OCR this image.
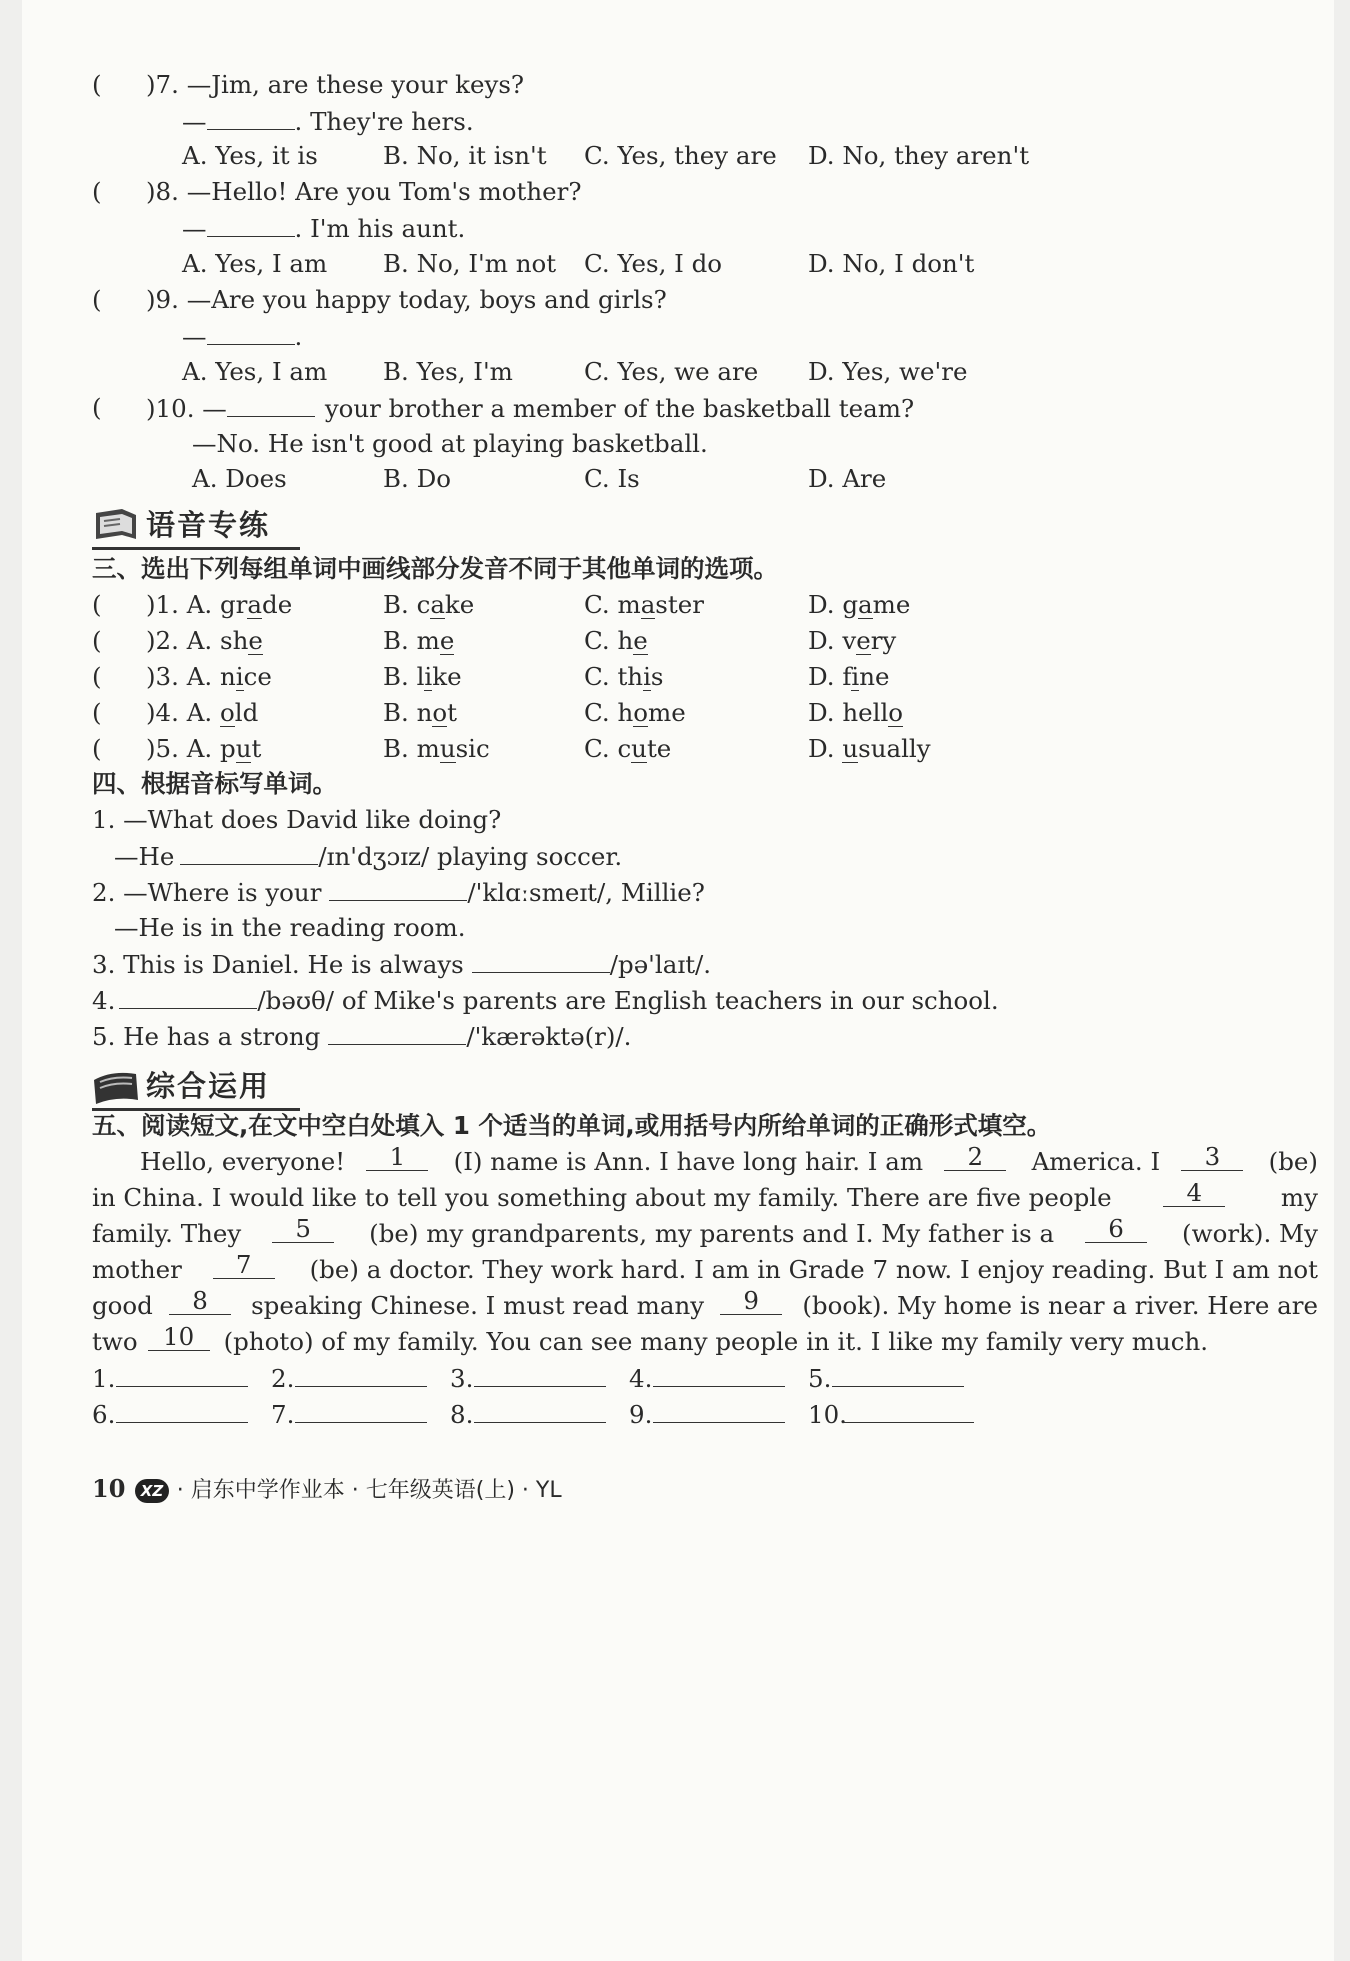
( )7. —Jim, are these your keys?
—	. They're hers.
A. Yes, it is	B. No, it isn't C. Yes, they are D. No, they aren't
( )8. —Hello! Are you Tom's mother?
—	. I'm his aunt.
A. Yes, I am B. No, I'm not C. Yes, I do	D. No, I don't
( )9. —Are you happy today, boys and girls?
—	.
A. Yes, I am B. Yes, I'm	C. Yes, we are D. Yes, we're
( )10. —	your brother a member of the basketball team?
—No. He isn't good at playing basketball.
A. Does	B. Do	C. Is	D. Are
语音专练
三、选出下列每组单词中画线部分发音不同于其他单词的选项。
( )1. A. grade	B. cake	C. master	D. game
( )2. A. she	B. me	C. he	D. very
( )3. A. nice	B. like	C. this	D. fine
( )4. A. old	B. not	C. home	D. hello
( )5. A. put	B. music	C. cute	D. usually
四、根据音标写单词。
1. —What does David like doing?
—He	/ɪn'dʒɔɪz/ playing soccer.
2. —Where is your	/'klɑːsmeɪt/, Millie?
—He is in the reading room.
3. This is Daniel. He is always	/pə'laɪt/.
4.	/bəʊθ/ of Mike's parents are English teachers in our school.
5. He has a strong	/'kærəktə(r)/.
综合运用
五、阅读短文,在文中空白处填入 1 个适当的单词,或用括号内所给单词的正确形式填空。
Hello, everyone!	1	(I) name is Ann. I have long hair. I am	2	America. I	3	(be)
in China. I would like to tell you something about my family. There are five people	4	my
family. They	5	(be) my grandparents, my parents and I. My father is a	6	(work). My
mother	7	(be) a doctor. They work hard. I am in Grade 7 now. I enjoy reading. But I am not
good	8	speaking Chinese. I must read many	9	(book). My home is near a river. Here are
two	10	(photo) of my family. You can see many people in it. I like my family very much.
1.	2.	3.	4.	5.
6.	7.	8.	9.	10.
10	XZ · 启东中学作业本 · 七年级英语(上) · YL
